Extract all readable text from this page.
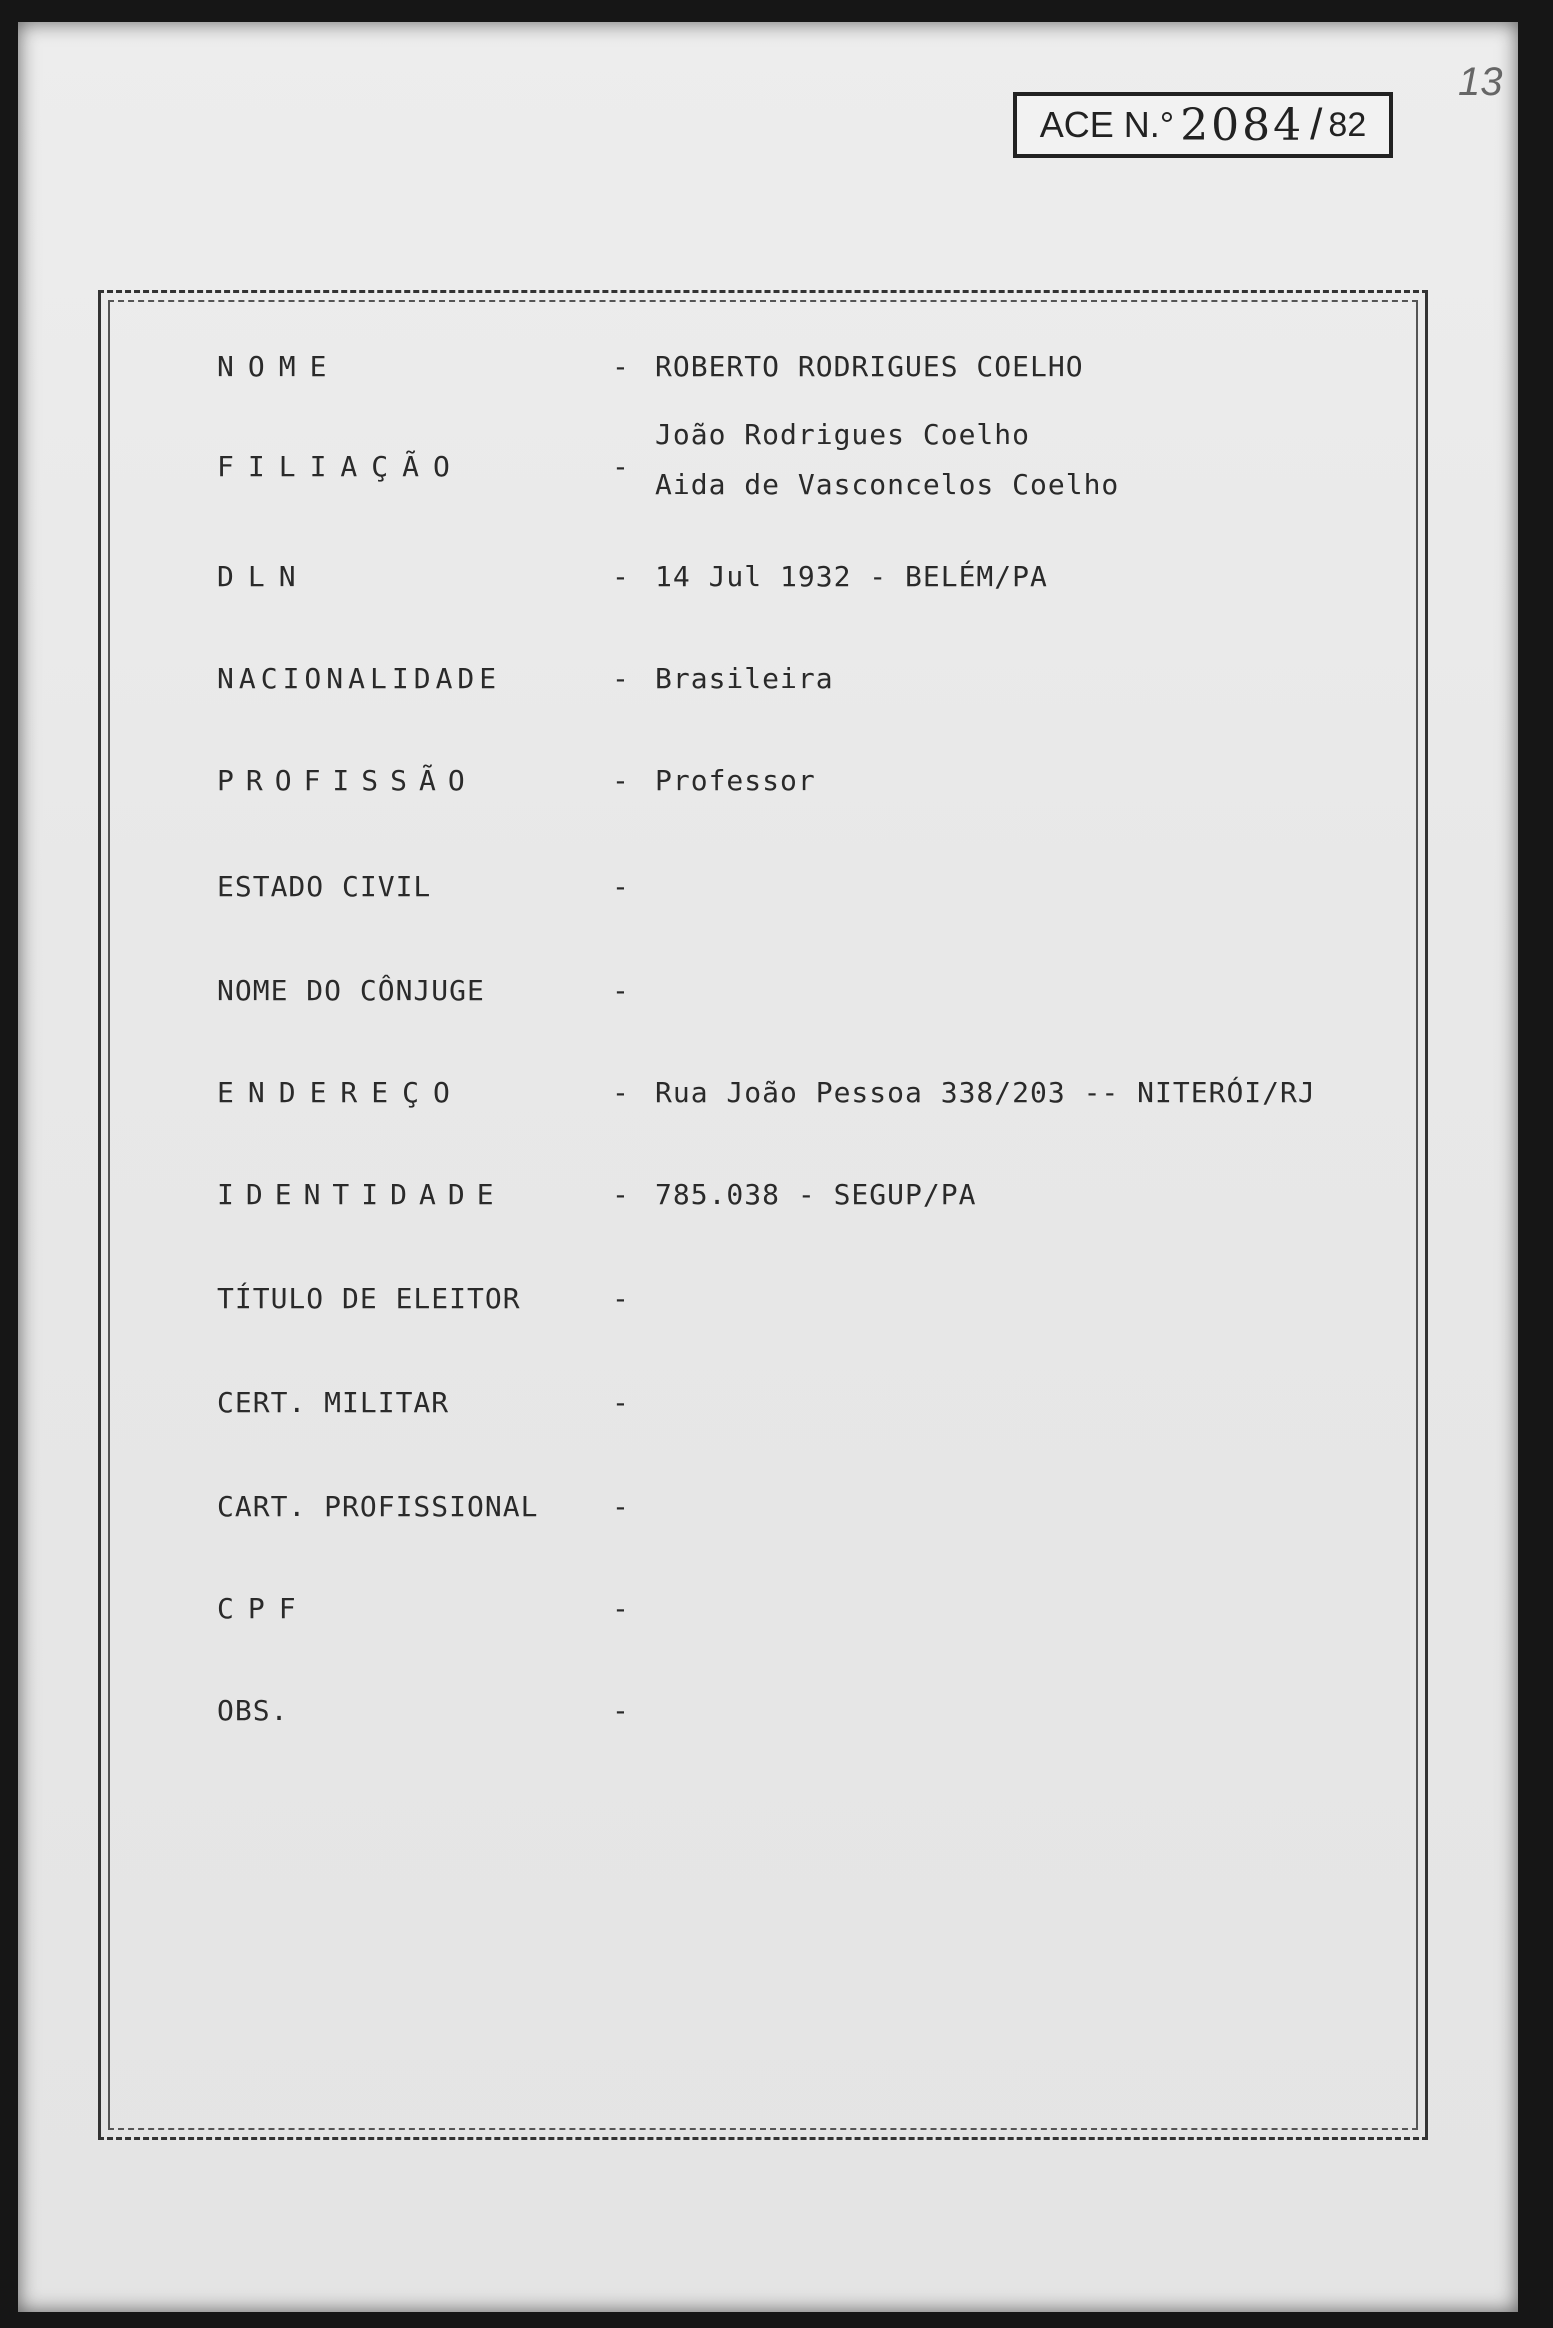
ACE N.° 2084 / 82
13
NOME	- ROBERTO RODRIGUES COELHO
FILIAÇÃO	-
João Rodrigues Coelho
Aida de Vasconcelos Coelho
DLN	- 14 Jul 1932 - BELÉM/PA
NACIONALIDADE	- Brasileira
PROFISSÃO	- Professor
ESTADO CIVIL	-
NOME DO CÔNJUGE	-
ENDEREÇO	- Rua João Pessoa 338/203 -- NITERÓI/RJ
IDENTIDADE	- 785.038 - SEGUP/PA
TÍTULO DE ELEITOR	-
CERT. MILITAR	-
CART. PROFISSIONAL	-
CPF	-
OBS.	-
